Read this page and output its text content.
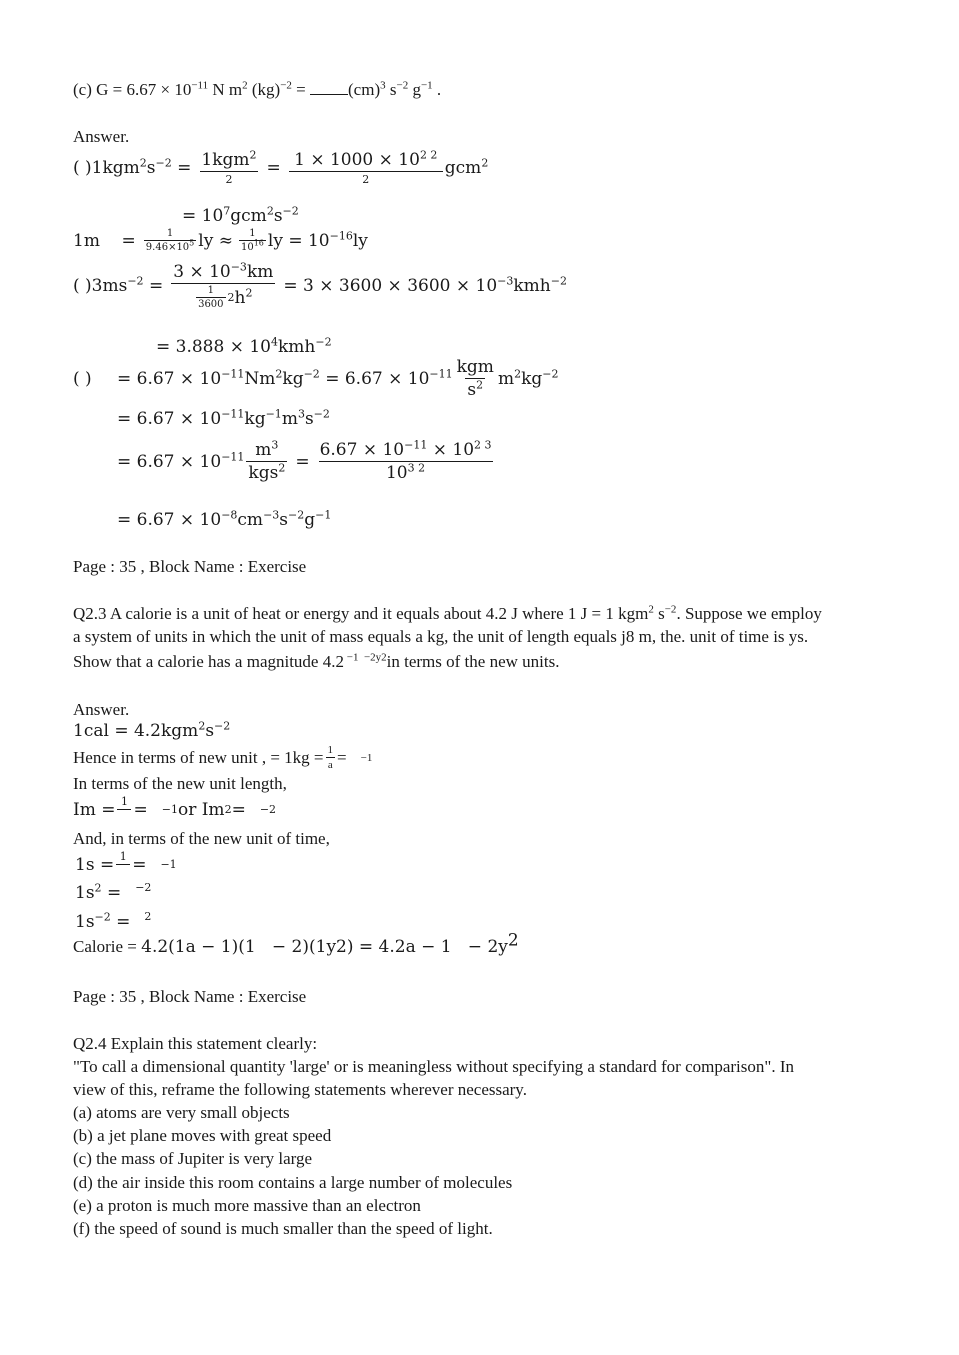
(c) $G = 6.67 \times 10^{-11}$ N $m^2$ (kg)$^{-2}$ = (cm)$^3$ $s^{-2}$ $g^{-1}$ .
Answer.
( )$1kgm^2s^{-2} = \frac{1kgm^2}{2} = \frac{1 \times 1000 \times 10^{2 2}}{2} gcm^2$
= $10^7gcm^2s^{-2}$
1m    = $\frac{1}{9.46\times 10^5}$ ly ≈ $\frac{1}{10^{16}}$ ly = $10^{-16}ly$
( )$3ms^{-2} = \frac{3 \times 10^{-3}km}{\frac{1}{3600} 2 h^2} = 3 \times 3600 \times 3600 \times 10^{-3}kmh^{-2}$
= $3.888 \times 10^4kmh^{-2}$
( )	= $6.67 \times 10^{-11}Nm^2kg^{-2} = 6.67 \times 10^{-11} \frac{\text{kgm}}{s^2} m^2kg^{-2}$
= $6.67 \times 10^{-11}kg^{-1}m^3s^{-2}$
= $6.67 \times 10^{-11} \frac{m^3}{kgs^2} = \frac{6.67 \times 10^{-11} \times 10^{2 3}}{10^{3 2}}$
= $6.67 \times 10^{-8}cm^{-3}s^{-2}g^{-1}$
Page : 35 , Block Name : Exercise
Q2.3 A calorie is a unit of heat or energy and it equals about 4.2 J where 1 J = 1 kgm$^2$ $s^{-2}$. Suppose we employ
a system of units in which the unit of mass equals a kg, the unit of length equals j8 m, the. unit of time is ys.
Show that a calorie has a magnitude 4.2 $^{-1 -2y2}$in terms of the new units.
Answer.
$1cal = 4.2kgm^2s^{-2}$
Hence in terms of new unit , = $1kg = \frac{1}{a} = -1$
In terms of the new unit length,
Im = 1 = −1 or Im 2 = −2
And, in terms of the new unit of time,
1s = 1 = −1
$1s^2 = ^{-2}$
$1s^{-2} = ^2$
Calorie = $4.2(1a - 1)(1 - 2)(1y2) = 4.2a - 1 - 2y^2$
Page : 35 , Block Name : Exercise
Q2.4 Explain this statement clearly:
"To call a dimensional quantity 'large' or is meaningless without specifying a standard for comparison". In
view of this, reframe the following statements wherever necessary.
(a) atoms are very small objects
(b) a jet plane moves with great speed
(c) the mass of Jupiter is very large
(d) the air inside this room contains a large number of molecules
(e) a proton is much more massive than an electron
(f) the speed of sound is much smaller than the speed of light.
